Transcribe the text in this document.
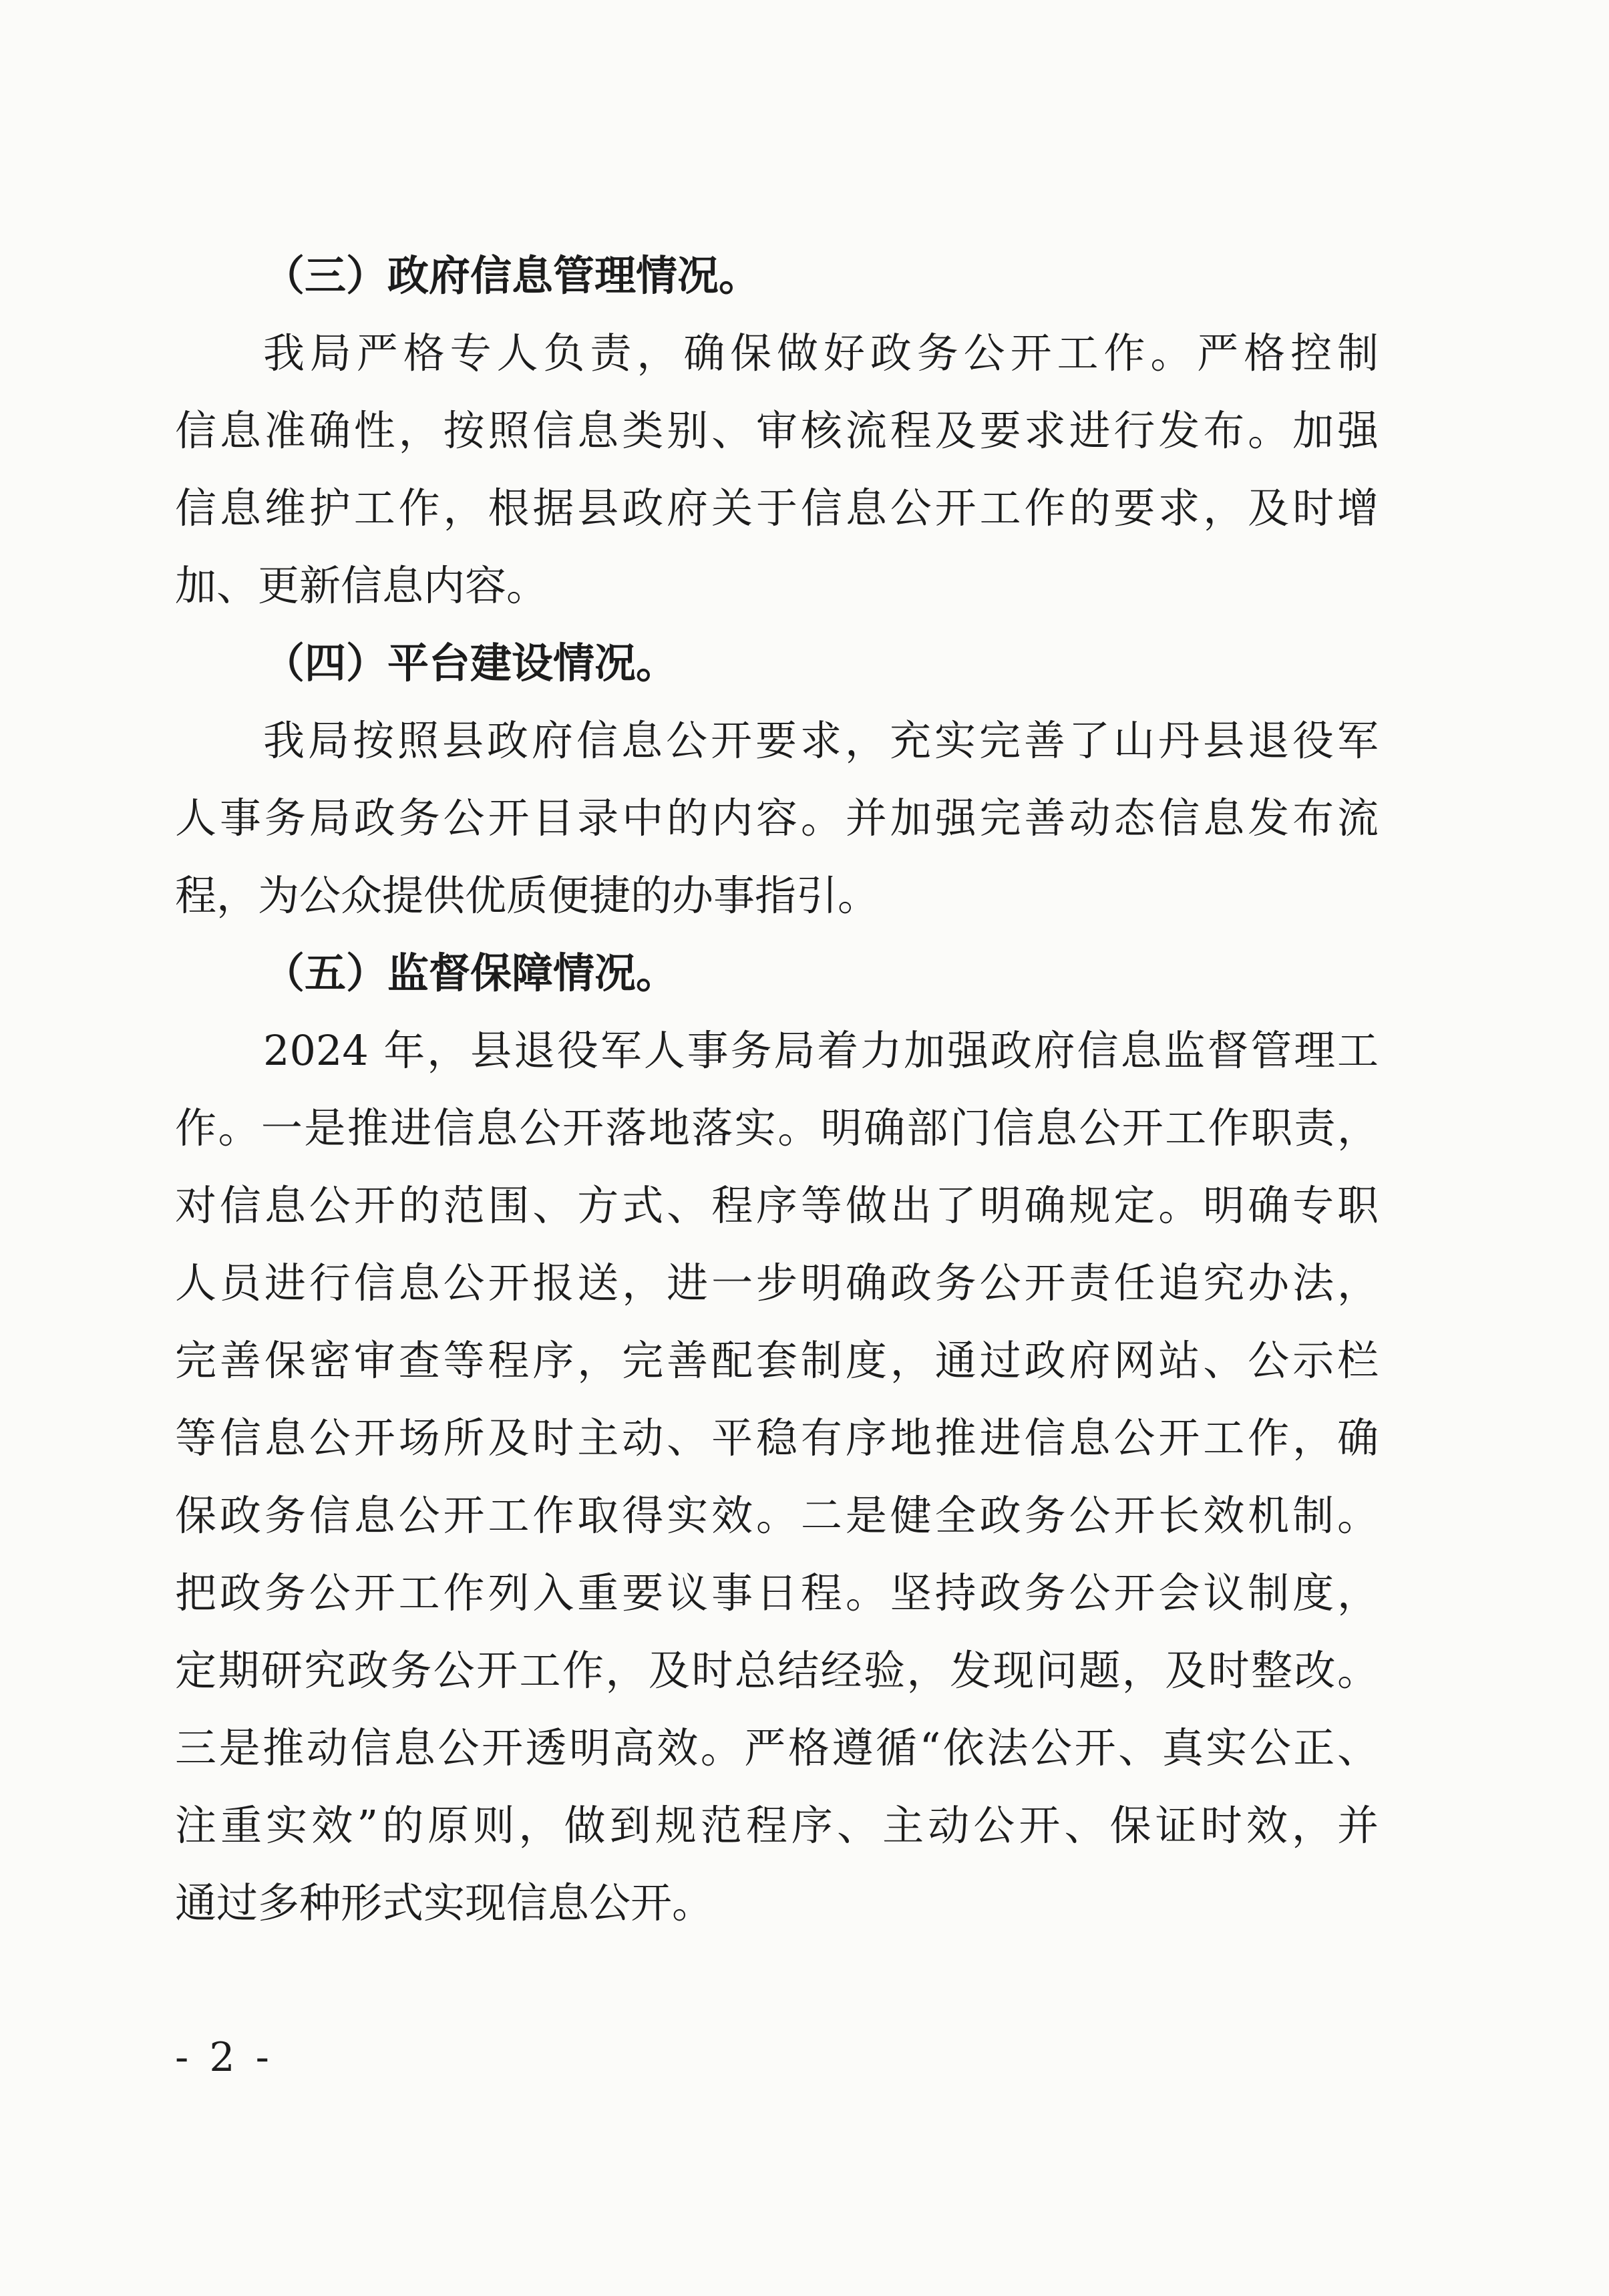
（三）政府信息管理情况。
我局严格专人负责，确保做好政务公开工作。严格控制
信息准确性，按照信息类别、审核流程及要求进行发布。加强
信息维护工作，根据县政府关于信息公开工作的要求，及时增
加、更新信息内容。
（四）平台建设情况。
我局按照县政府信息公开要求，充实完善了山丹县退役军
人事务局政务公开目录中的内容。并加强完善动态信息发布流
程，为公众提供优质便捷的办事指引。
（五）监督保障情况。
2024 年，县退役军人事务局着力加强政府信息监督管理工
作。一是推进信息公开落地落实。明确部门信息公开工作职责，
对信息公开的范围、方式、程序等做出了明确规定。明确专职
人员进行信息公开报送，进一步明确政务公开责任追究办法，
完善保密审查等程序，完善配套制度，通过政府网站、公示栏
等信息公开场所及时主动、平稳有序地推进信息公开工作，确
保政务信息公开工作取得实效。二是健全政务公开长效机制。
把政务公开工作列入重要议事日程。坚持政务公开会议制度，
定期研究政务公开工作，及时总结经验，发现问题，及时整改。
三是推动信息公开透明高效。严格遵循“依法公开、真实公正、
注重实效”的原则，做到规范程序、主动公开、保证时效，并
通过多种形式实现信息公开。
- 2 -
